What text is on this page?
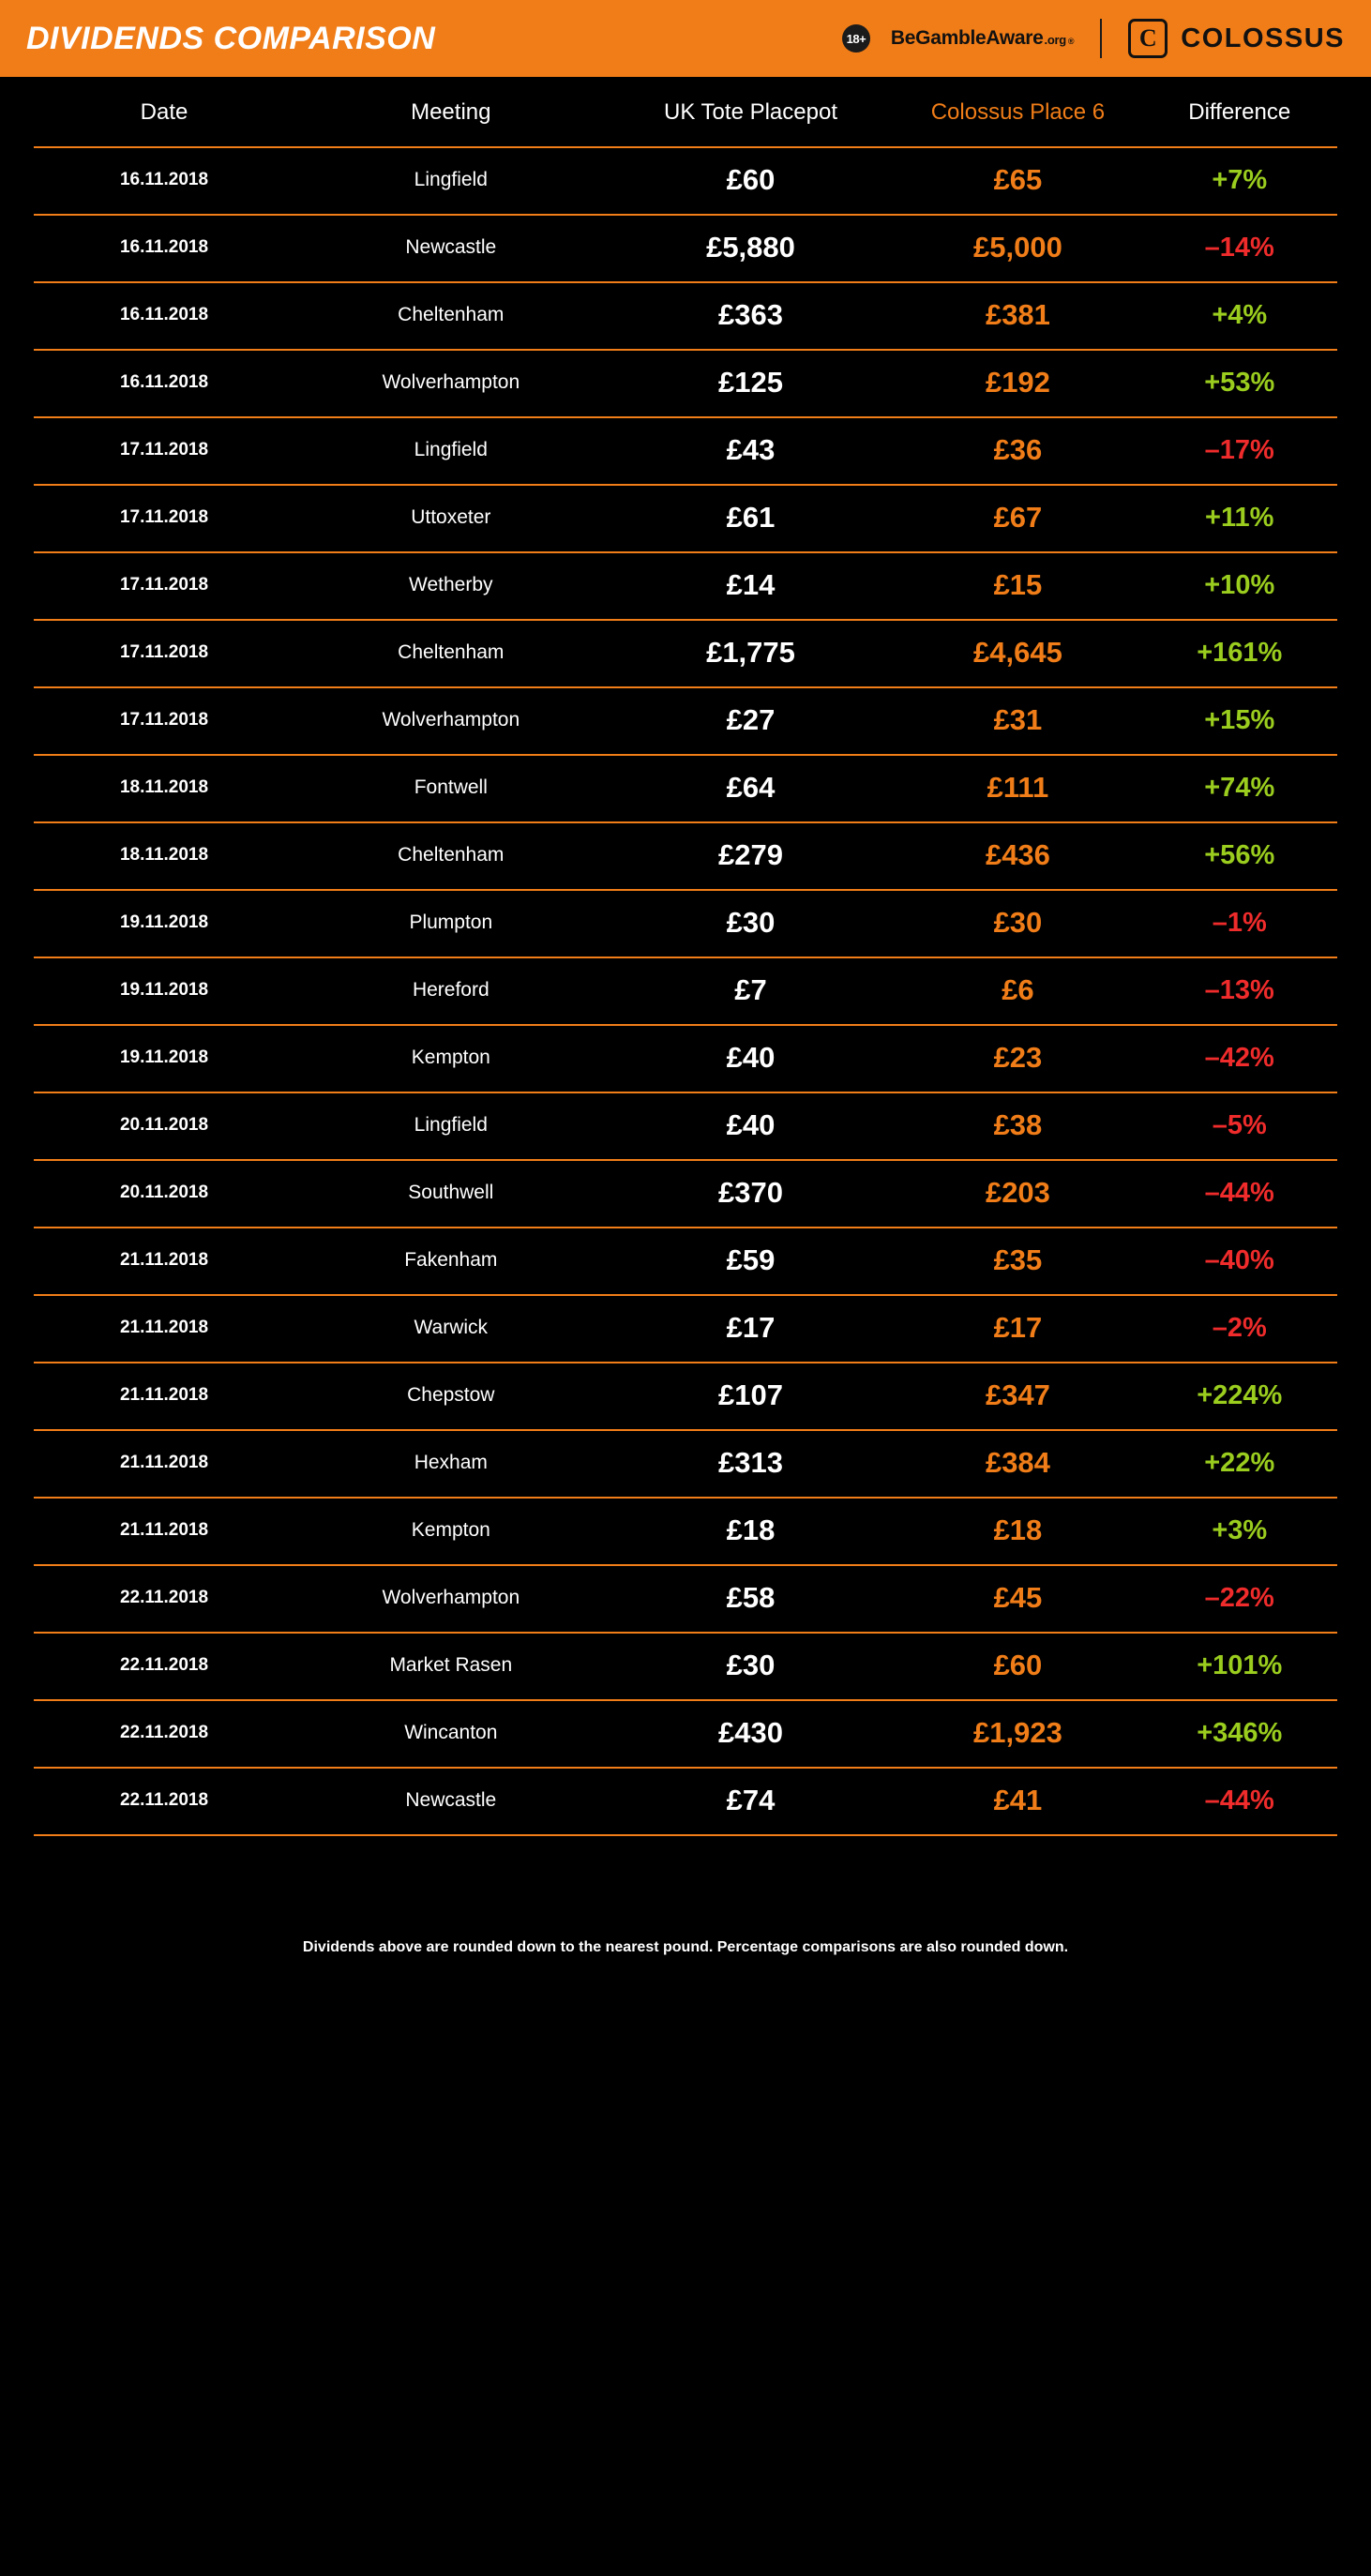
DIVIDENDS COMPARISON	18+ Be Gamble Aware .org ®	C COLOSSUS
Date	Meeting	UK Tote Placepot	Colossus Place 6	Difference
16.11.2018	Lingfield	£60	£65	+7%
16.11.2018	Newcastle	£5,880	£5,000	–14%
16.11.2018	Cheltenham	£363	£381	+4%
16.11.2018	Wolverhampton	£125	£192	+53%
17.11.2018	Lingfield	£43	£36	–17%
17.11.2018	Uttoxeter	£61	£67	+11%
17.11.2018	Wetherby	£14	£15	+10%
17.11.2018	Cheltenham	£1,775	£4,645	+161%
17.11.2018	Wolverhampton	£27	£31	+15%
18.11.2018	Fontwell	£64	£111	+74%
18.11.2018	Cheltenham	£279	£436	+56%
19.11.2018	Plumpton	£30	£30	–1%
19.11.2018	Hereford	£7	£6	–13%
19.11.2018	Kempton	£40	£23	–42%
20.11.2018	Lingfield	£40	£38	–5%
20.11.2018	Southwell	£370	£203	–44%
21.11.2018	Fakenham	£59	£35	–40%
21.11.2018	Warwick	£17	£17	–2%
21.11.2018	Chepstow	£107	£347	+224%
21.11.2018	Hexham	£313	£384	+22%
21.11.2018	Kempton	£18	£18	+3%
22.11.2018	Wolverhampton	£58	£45	–22%
22.11.2018	Market Rasen	£30	£60	+101%
22.11.2018	Wincanton	£430	£1,923	+346%
22.11.2018	Newcastle	£74	£41	–44%
Dividends above are rounded down to the nearest pound. Percentage comparisons are also rounded down.
